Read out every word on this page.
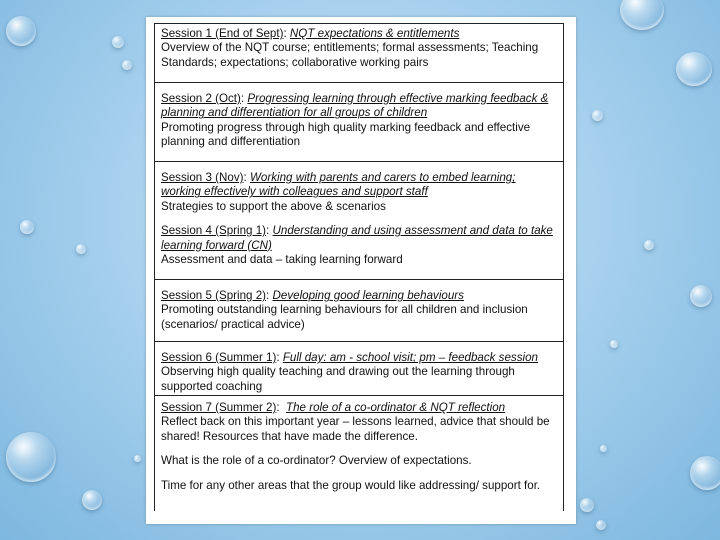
Session 1 (End of Sept): NQT expectations & entitlements
Overview of the NQT course; entitlements; formal assessments; Teaching Standards; expectations; collaborative working pairs
Session 2 (Oct): Progressing learning through effective marking feedback & planning and differentiation for all groups of children
Promoting progress through high quality marking feedback and effective planning and differentiation
Session 3 (Nov): Working with parents and carers to embed learning; working effectively with colleagues and support staff
Strategies to support the above & scenarios
Session 4 (Spring 1): Understanding and using assessment and data to take learning forward (CN)
Assessment and data – taking learning forward
Session 5 (Spring 2): Developing good learning behaviours
Promoting outstanding learning behaviours for all children and inclusion (scenarios/ practical advice)
Session 6 (Summer 1): Full day: am - school visit; pm – feedback session
Observing high quality teaching and drawing out the learning through supported coaching
Session 7 (Summer 2): The role of a co-ordinator & NQT reflection
Reflect back on this important year – lessons learned, advice that should be shared! Resources that have made the difference.
What is the role of a co-ordinator? Overview of expectations.
Time for any other areas that the group would like addressing/ support for.
